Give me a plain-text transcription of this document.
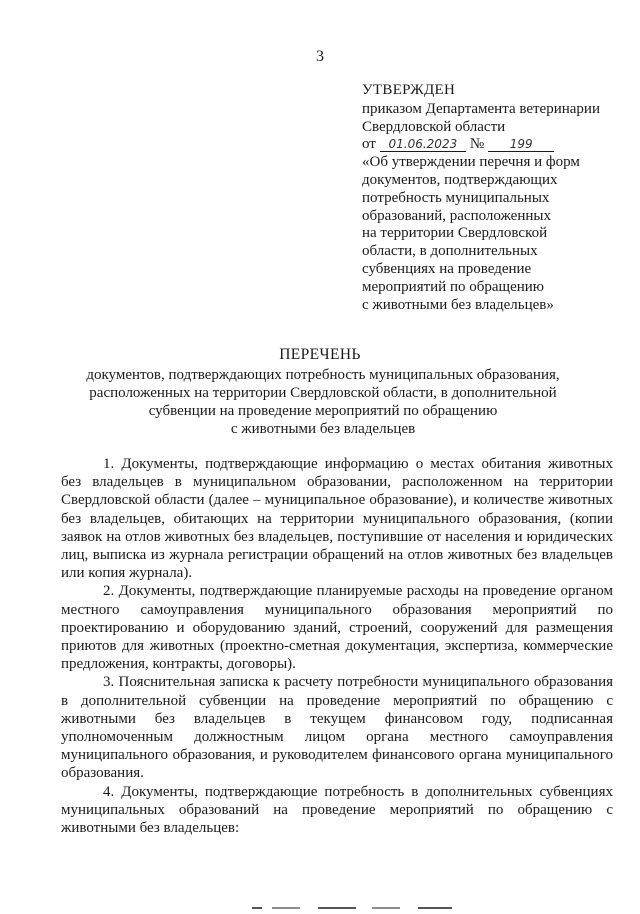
3
УТВЕРЖДЕН
приказом Департамента ветеринарии
Свердловской области
от	01.06.2023 №	199
«Об утверждении перечня и форм
документов, подтверждающих
потребность муниципальных
образований, расположенных
на территории Свердловской
области, в дополнительных
субвенциях на проведение
мероприятий по обращению
с животными без владельцев»
ПЕРЕЧЕНЬ
документов, подтверждающих потребность муниципальных образования,
расположенных на территории Свердловской области, в дополнительной
субвенции на проведение мероприятий по обращению
с животными без владельцев

1. Документы, подтверждающие информацию о местах обитания животных без владельцев в муниципальном образовании, расположенном на территории Свердловской области (далее – муниципальное образование), и количестве животных без владельцев, обитающих на территории муниципального образования, (копии заявок на отлов животных без владельцев, поступившие от населения и юридических лиц, выписка из журнала регистрации обращений на отлов животных без владельцев или копия журнала).

2. Документы, подтверждающие планируемые расходы на проведение органом местного самоуправления муниципального образования мероприятий по проектированию и оборудованию зданий, строений, сооружений для размещения приютов для животных (проектно-сметная документация, экспертиза, коммерческие предложения, контракты, договоры).

3. Пояснительная записка к расчету потребности муниципального образования в дополнительной субвенции на проведение мероприятий по обращению с животными без владельцев в текущем финансовом году, подписанная уполномоченным должностным лицом органа местного самоуправления муниципального образования, и руководителем финансового органа муниципального образования.

4. Документы, подтверждающие потребность в дополнительных субвенциях муниципальных образований на проведение мероприятий по обращению с животными без владельцев:
